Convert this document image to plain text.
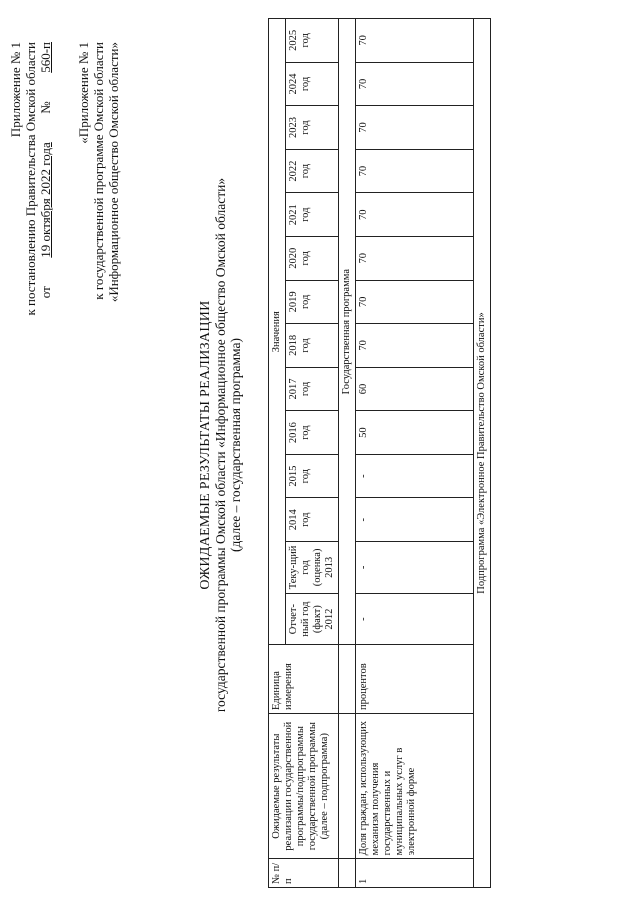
Приложение № 1 к постановлению Правительства Омской области от  19 октября 2022 года  №  560-п «Приложение № 1 к государственной программе Омской области «Информационное общество Омской области»
ОЖИДАЕМЫЕ РЕЗУЛЬТАТЫ РЕАЛИЗАЦИИ государственной программы Омской области «Информационное общество Омской области» (далее – государственная программа)
№ п/п	Ожидаемые результаты реализации государственной программы/подпрограммы государственной программы (далее – подпрограмма)	Единица измерения	Значения													
			Отчет-ный год (факт) 2012	Теку-щий год (оценка) 2013	2014 год	2015 год	2016 год	2017 год	2018 год	2019 год	2020 год	2021 год	2022 год	2023 год	2024 год	2025 год
			Государственная программа													
1	Доля граждан, использующих механизм получения государственных и муниципальных услуг в электронной форме	процентов	-	-	-	-	50	60	70	70	70	70	70	70	70	70
Подпрограмма «Электронное Правительство Омской области»																
